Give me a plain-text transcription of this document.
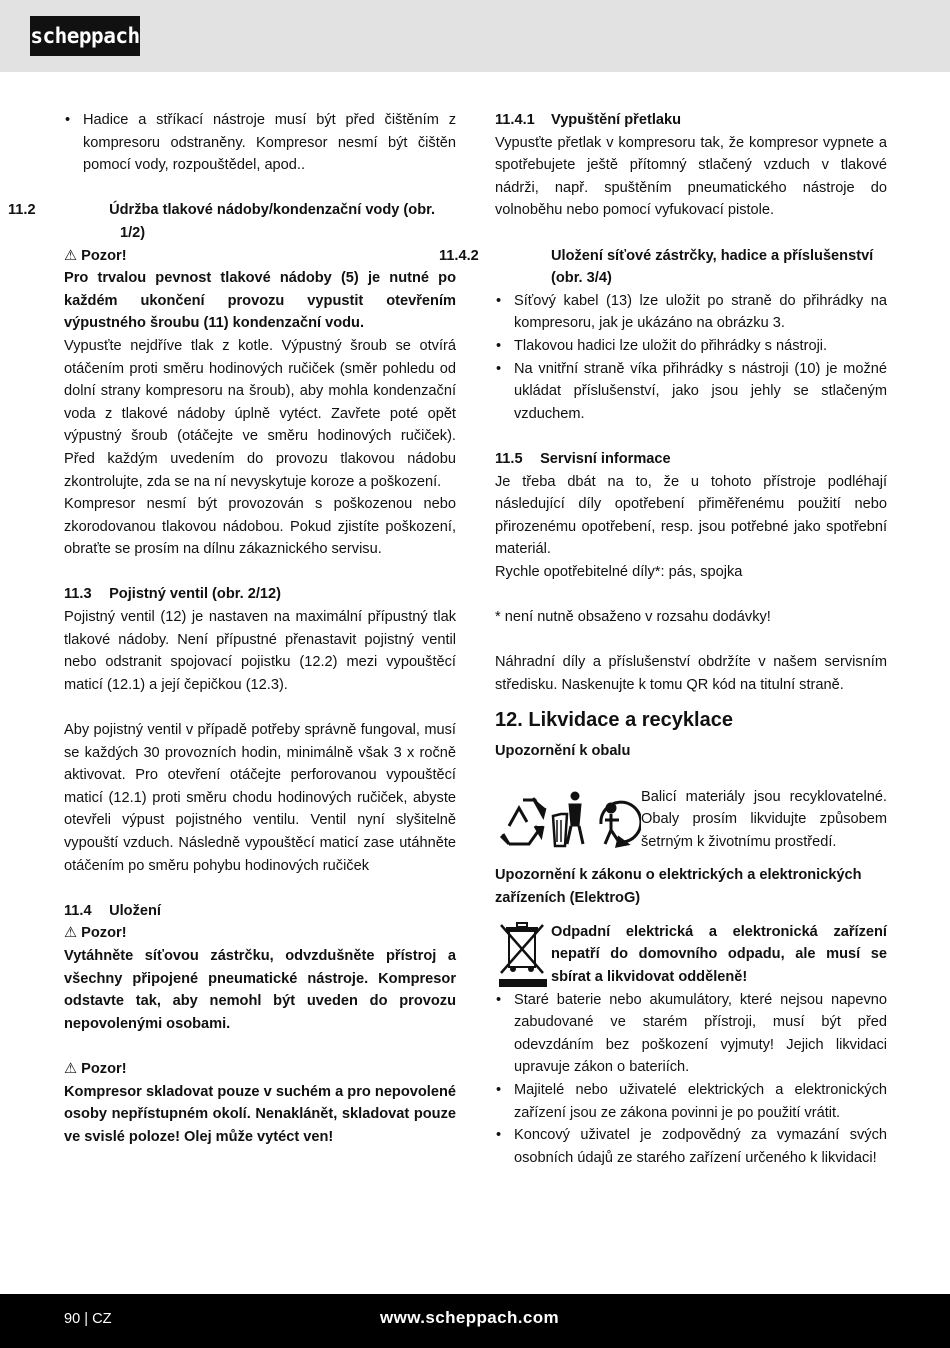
scheppach
• Hadice a stříkací nástroje musí být před čištěním z kompresoru odstraněny. Kompresor nesmí být čištěn pomocí vody, rozpouštědel, apod..
11.2	Údržba tlakové nádoby/kondenzační vody (obr. 1/2)
⚠ Pozor!

Pro trvalou pevnost tlakové nádoby (5) je nutné po každém ukončení provozu vypustit otevřením výpustného šroubu (11) kondenzační vodu.

Vypusťte nejdříve tlak z kotle. Výpustný šroub se otvírá otáčením proti směru hodinových ručiček (směr pohledu od dolní strany kompresoru na šroub), aby mohla kondenzační voda z tlakové nádoby úplně vytéct. Zavřete poté opět výpustný šroub (otáčejte ve směru hodinových ručiček). Před každým uvedením do provozu tlakovou nádobu zkontrolujte, zda se na ní nevyskytuje koroze a poškození.

Kompresor nesmí být provozován s poškozenou nebo zkorodovanou tlakovou nádobou. Pokud zjistíte poškození, obraťte se prosím na dílnu zákaznického servisu.

11.3 Pojistný ventil (obr. 2/12)

Pojistný ventil (12) je nastaven na maximální přípustný tlak tlakové nádoby. Není přípustné přenastavit pojistný ventil nebo odstranit spojovací pojistku (12.2) mezi vypouštěcí maticí (12.1) a její čepičkou (12.3).

Aby pojistný ventil v případě potřeby správně fungoval, musí se každých 30 provozních hodin, minimálně však 3 x ročně aktivovat. Pro otevření otáčejte perforovanou vypouštěcí maticí (12.1) proti směru chodu hodinových ručiček, abyste otevřeli výpust pojistného ventilu. Ventil nyní slyšitelně vypouští vzduch. Následně vypouštěcí maticí zase utáhněte otáčením po směru pohybu hodinových ručiček

11.4 Uložení
⚠ Pozor!

Vytáhněte síťovou zástrčku, odvzdušněte přístroj a všechny připojené pneumatické nástroje. Kompresor odstavte tak, aby nemohl být uveden do provozu nepovolenými osobami.

⚠ Pozor!

Kompresor skladovat pouze v suchém a pro nepovolené osoby nepřístupném okolí. Nenaklánět, skladovat pouze ve svislé poloze! Olej může vytéct ven!

11.4.1 Vypuštění přetlaku

Vypusťte přetlak v kompresoru tak, že kompresor vypnete a spotřebujete ještě přítomný stlačený vzduch v tlakové nádrži, např. spuštěním pneumatického nástroje do volnoběhu nebo pomocí vyfukovací pistole.

11.4.2	Uložení síťové zástrčky, hadice a příslušenství (obr. 3/4)
• Síťový kabel (13) lze uložit po straně do přihrádky na kompresoru, jak je ukázáno na obrázku 3.
• Tlakovou hadici lze uložit do přihrádky s nástroji.
• Na vnitřní straně víka přihrádky s nástroji (10) je možné ukládat příslušenství, jako jsou jehly se stlačeným vzduchem.
11.5 Servisní informace

Je třeba dbát na to, že u tohoto přístroje podléhají následující díly opotřebení přiměřenému použití nebo přirozenému opotřebení, resp. jsou potřebné jako spotřební materiál.

Rychle opotřebitelné díly*: pás, spojka

* není nutně obsaženo v rozsahu dodávky!

Náhradní díly a příslušenství obdržíte v našem servisním středisku. Naskenujte k tomu QR kód na titulní straně.

12. Likvidace a recyklace
Upozornění k obalu
Balicí materiály jsou recyklovatelné. Obaly prosím likvidujte způsobem šetrným k životnímu prostředí.
Upozornění k zákonu o elektrických a elektronických zařízeních (ElektroG)
Odpadní elektrická a elektronická zařízení nepatří do domovního odpadu, ale musí se sbírat a likvidovat odděleně!
• Staré baterie nebo akumulátory, které nejsou napevno zabudované ve starém přístroji, musí být před odevzdáním bez poškození vyjmuty! Jejich likvidaci upravuje zákon o bateriích.
• Majitelé nebo uživatelé elektrických a elektronických zařízení jsou ze zákona povinni je po použití vrátit.
• Koncový uživatel je zodpovědný za vymazání svých osobních údajů ze starého zařízení určeného k likvidaci!
90 | CZ	www.scheppach.com
